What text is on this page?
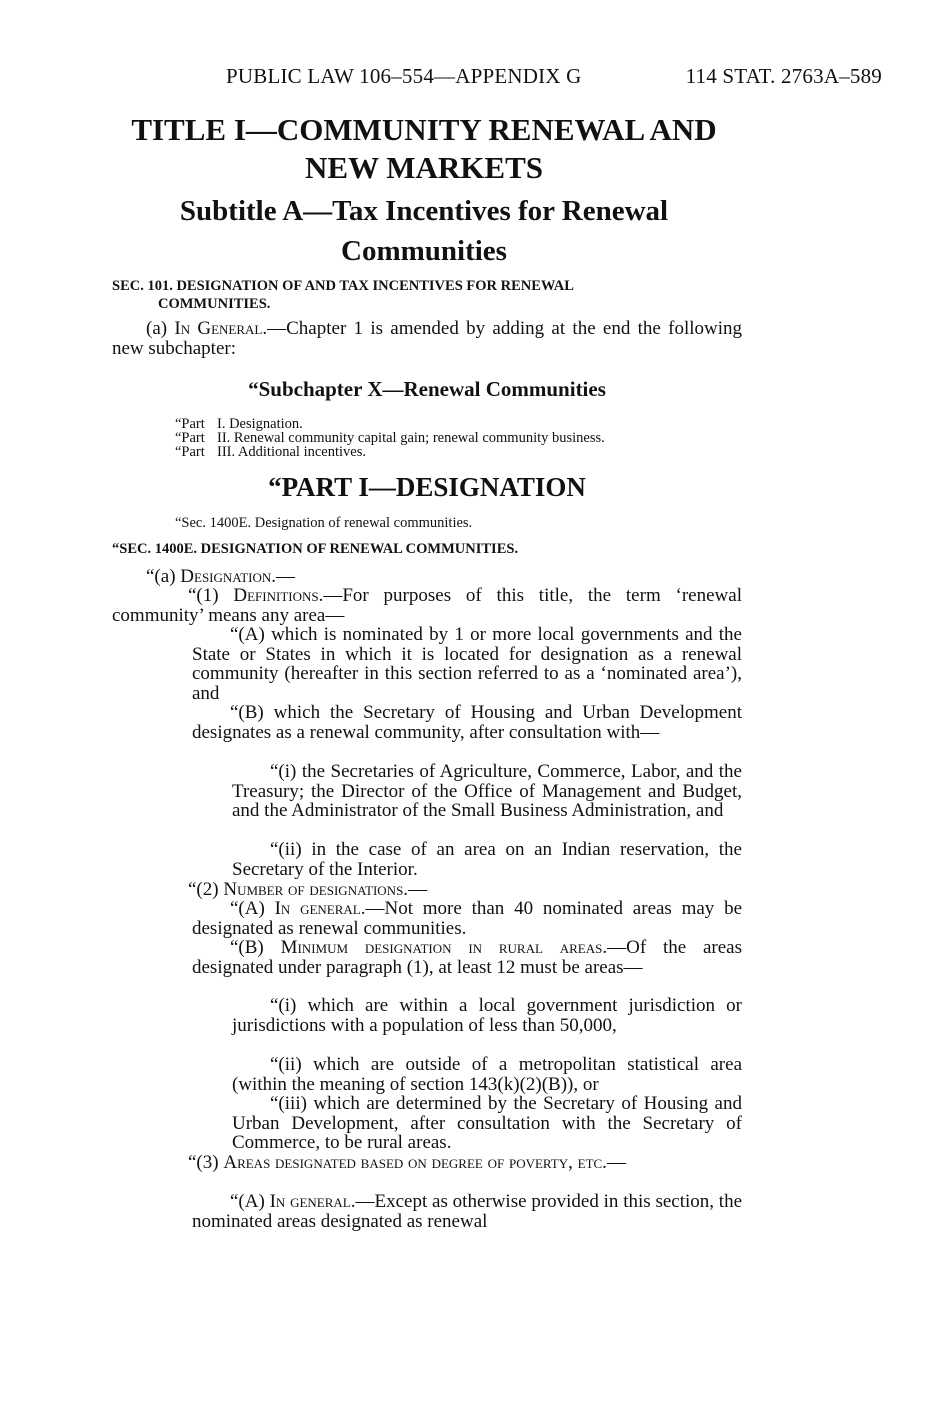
PUBLIC LAW 106–554—APPENDIX G	114 STAT. 2763A–589
TITLE I—COMMUNITY RENEWAL AND NEW MARKETS
Subtitle A—Tax Incentives for Renewal Communities
SEC. 101. DESIGNATION OF AND TAX INCENTIVES FOR RENEWAL
COMMUNITIES.
(a) In General.—Chapter 1 is amended by adding at the end the following new subchapter:
“Subchapter X—Renewal Communities
“Part I. Designation.
“Part II. Renewal community capital gain; renewal community business.
“Part III. Additional incentives.
“PART I—DESIGNATION
“Sec. 1400E. Designation of renewal communities.
“SEC. 1400E. DESIGNATION OF RENEWAL COMMUNITIES.
“(a) Designation.—
“(1) Definitions.—For purposes of this title, the term ‘renewal community’ means any area—
“(A) which is nominated by 1 or more local governments and the State or States in which it is located for designation as a renewal community (hereafter in this section referred to as a ‘nominated area’), and
“(B) which the Secretary of Housing and Urban Development designates as a renewal community, after consultation with—
“(i) the Secretaries of Agriculture, Commerce, Labor, and the Treasury; the Director of the Office of Management and Budget, and the Administrator of the Small Business Administration, and
“(ii) in the case of an area on an Indian reservation, the Secretary of the Interior.
“(2) Number of designations.—
“(A) In general.—Not more than 40 nominated areas may be designated as renewal communities.
“(B) Minimum designation in rural areas.—Of the areas designated under paragraph (1), at least 12 must be areas—
“(i) which are within a local government jurisdiction or jurisdictions with a population of less than 50,000,
“(ii) which are outside of a metropolitan statistical area (within the meaning of section 143(k)(2)(B)), or
“(iii) which are determined by the Secretary of Housing and Urban Development, after consultation with the Secretary of Commerce, to be rural areas.
“(3) Areas designated based on degree of poverty, etc.—
“(A) In general.—Except as otherwise provided in this section, the nominated areas designated as renewal
